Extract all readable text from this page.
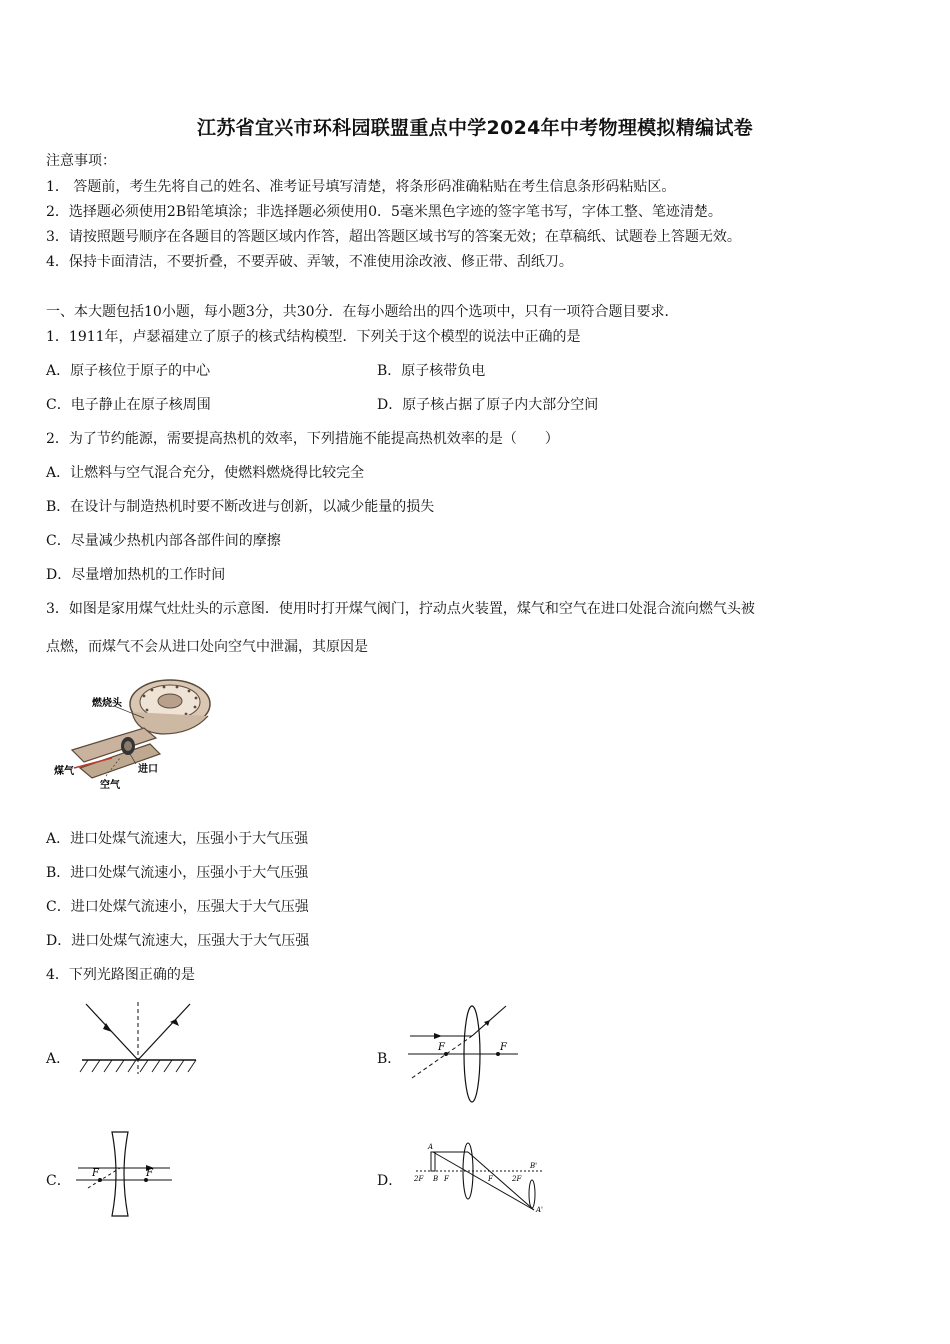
江苏省宜兴市环科园联盟重点中学2024年中考物理模拟精编试卷
注意事项：
1． 答题前，考生先将自己的姓名、准考证号填写清楚，将条形码准确粘贴在考生信息条形码粘贴区。
2．选择题必须使用2B铅笔填涂；非选择题必须使用0．5毫米黑色字迹的签字笔书写，字体工整、笔迹清楚。
3．请按照题号顺序在各题目的答题区域内作答，超出答题区域书写的答案无效；在草稿纸、试题卷上答题无效。
4．保持卡面清洁，不要折叠，不要弄破、弄皱，不准使用涂改液、修正带、刮纸刀。
一、本大题包括10小题，每小题3分，共30分．在每小题给出的四个选项中，只有一项符合题目要求．
1．1911年，卢瑟福建立了原子的核式结构模型．下列关于这个模型的说法中正确的是
A．原子核位于原子的中心	B．原子核带负电
C．电子静止在原子核周围	D．原子核占据了原子内大部分空间
2．为了节约能源，需要提高热机的效率，下列措施不能提高热机效率的是（　　）
A．让燃料与空气混合充分，使燃料燃烧得比较完全
B．在设计与制造热机时要不断改进与创新，以减少能量的损失
C．尽量减少热机内部各部件间的摩擦
D．尽量增加热机的工作时间
3．如图是家用煤气灶灶头的示意图．使用时打开煤气阀门，拧动点火装置，煤气和空气在进口处混合流向燃气头被
点燃，而煤气不会从进口处向空气中泄漏，其原因是
燃烧头
煤气	进口
空气
A．进口处煤气流速大，压强小于大气压强
B．进口处煤气流速小，压强小于大气压强
C．进口处煤气流速小，压强大于大气压强
D．进口处煤气流速大，压强大于大气压强
4．下列光路图正确的是
A．	B．
F	F
C． F	F	D．
A
B
2F	F	F	2F
B'
A'
